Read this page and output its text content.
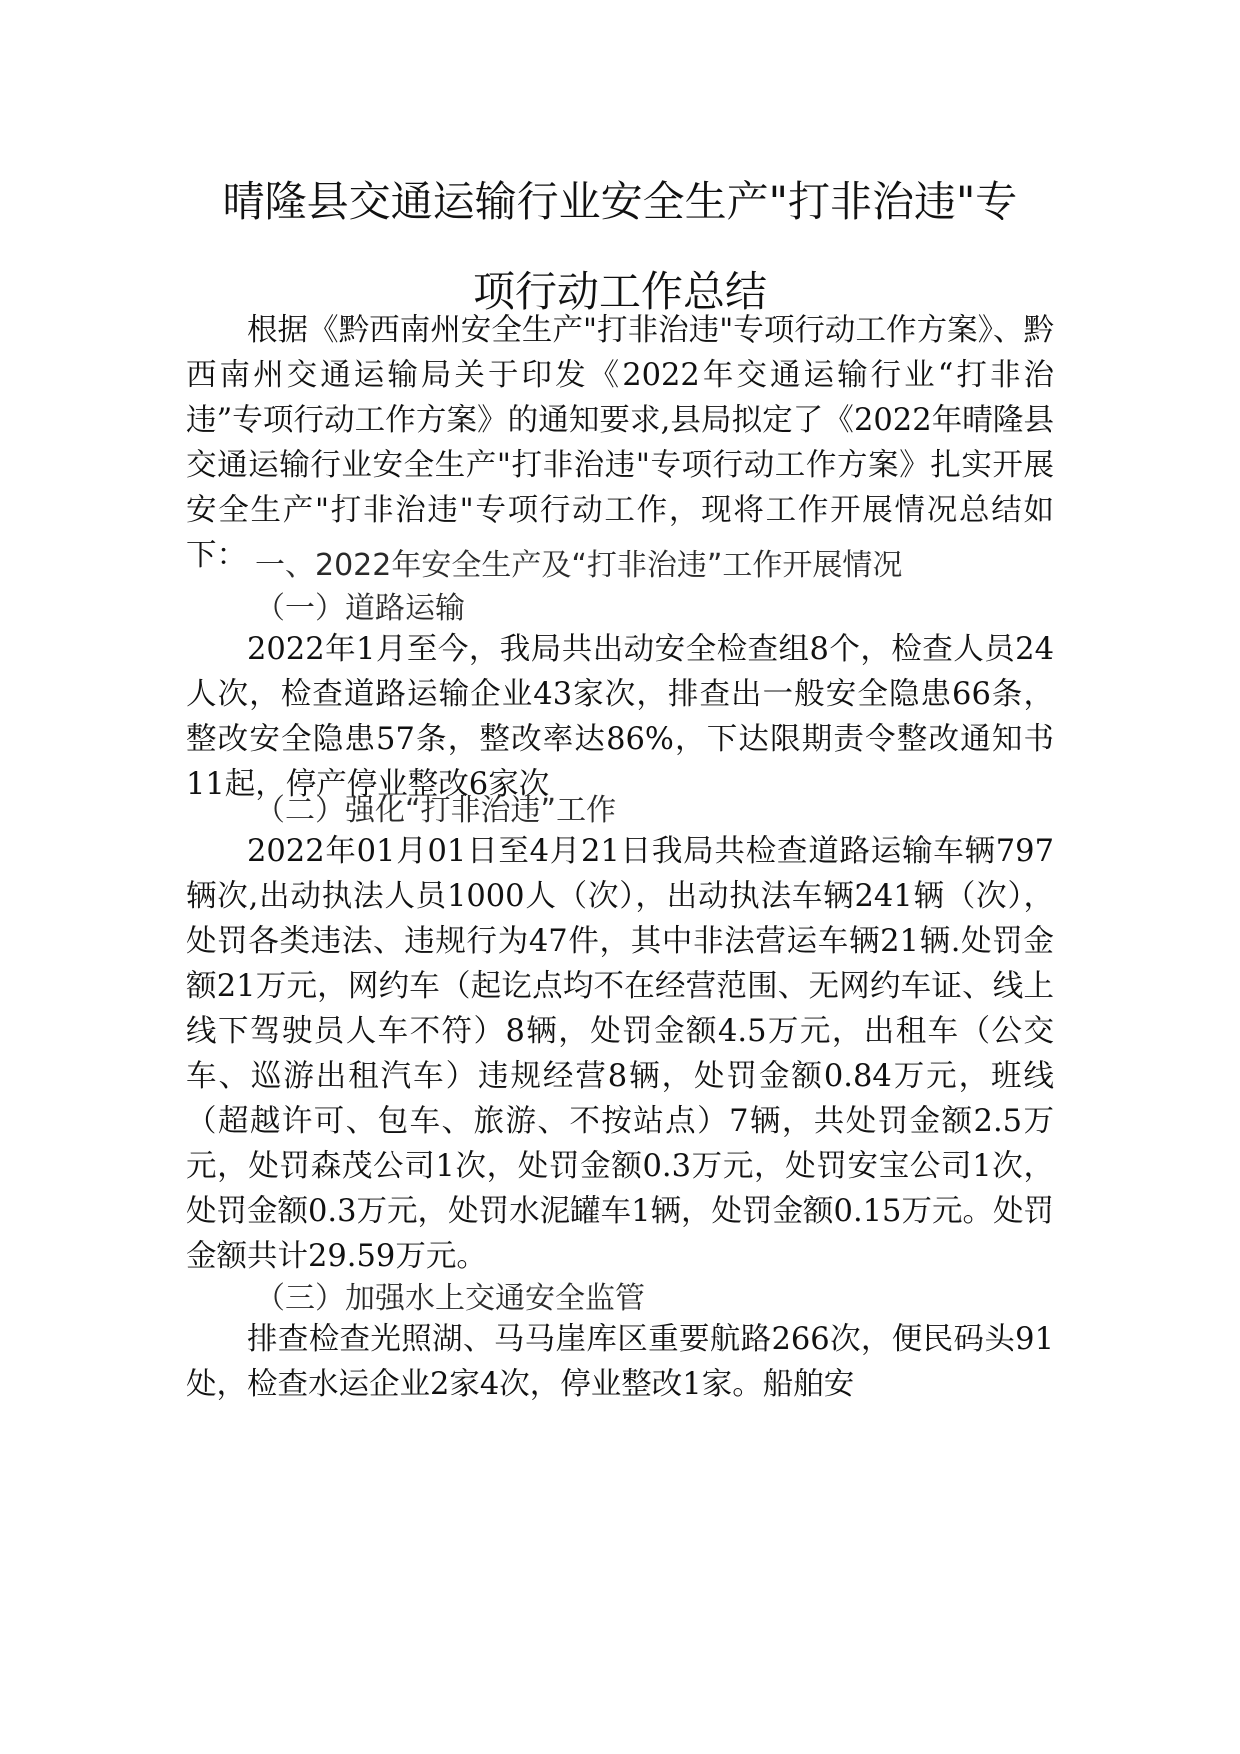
晴隆县交通运输行业安全生产"打非治违"专
项行动工作总结

根据《黔西南州安全生产"打非治违"专项行动工作方案》、黔西南州交通运输局关于印发《2022年交通运输行业“打非治违”专项行动工作方案》的通知要求,县局拟定了《2022年晴隆县交通运输行业安全生产"打非治违"专项行动工作方案》扎实开展安全生产"打非治违"专项行动工作，现将工作开展情况总结如下： 一、2022年安全生产及“打非治违”工作开展情况
（一）道路运输

2022年1月至今，我局共出动安全检查组8个，检查人员24人次，检查道路运输企业43家次，排查出一般安全隐患66条，整改安全隐患57条，整改率达86%，下达限期责令整改通知书11起，停产停业整改6家次

（二）强化“打非治违”工作

2022年01月01日至4月21日我局共检查道路运输车辆797辆次,出动执法人员1000人（次），出动执法车辆241辆（次），处罚各类违法、违规行为47件，其中非法营运车辆21辆.处罚金额21万元，网约车（起讫点均不在经营范围、无网约车证、线上线下驾驶员人车不符）8辆，处罚金额4.5万元，出租车（公交车、巡游出租汽车）违规经营8辆，处罚金额0.84万元，班线（超越许可、包车、旅游、不按站点）7辆，共处罚金额2.5万元，处罚森茂公司1次，处罚金额0.3万元，处罚安宝公司1次，处罚金额0.3万元，处罚水泥罐车1辆，处罚金额0.15万元。处罚金额共计29.59万元。

（三）加强水上交通安全监管

排查检查光照湖、马马崖库区重要航路266次，便民码头91处，检查水运企业2家4次，停业整改1家。船舶安
